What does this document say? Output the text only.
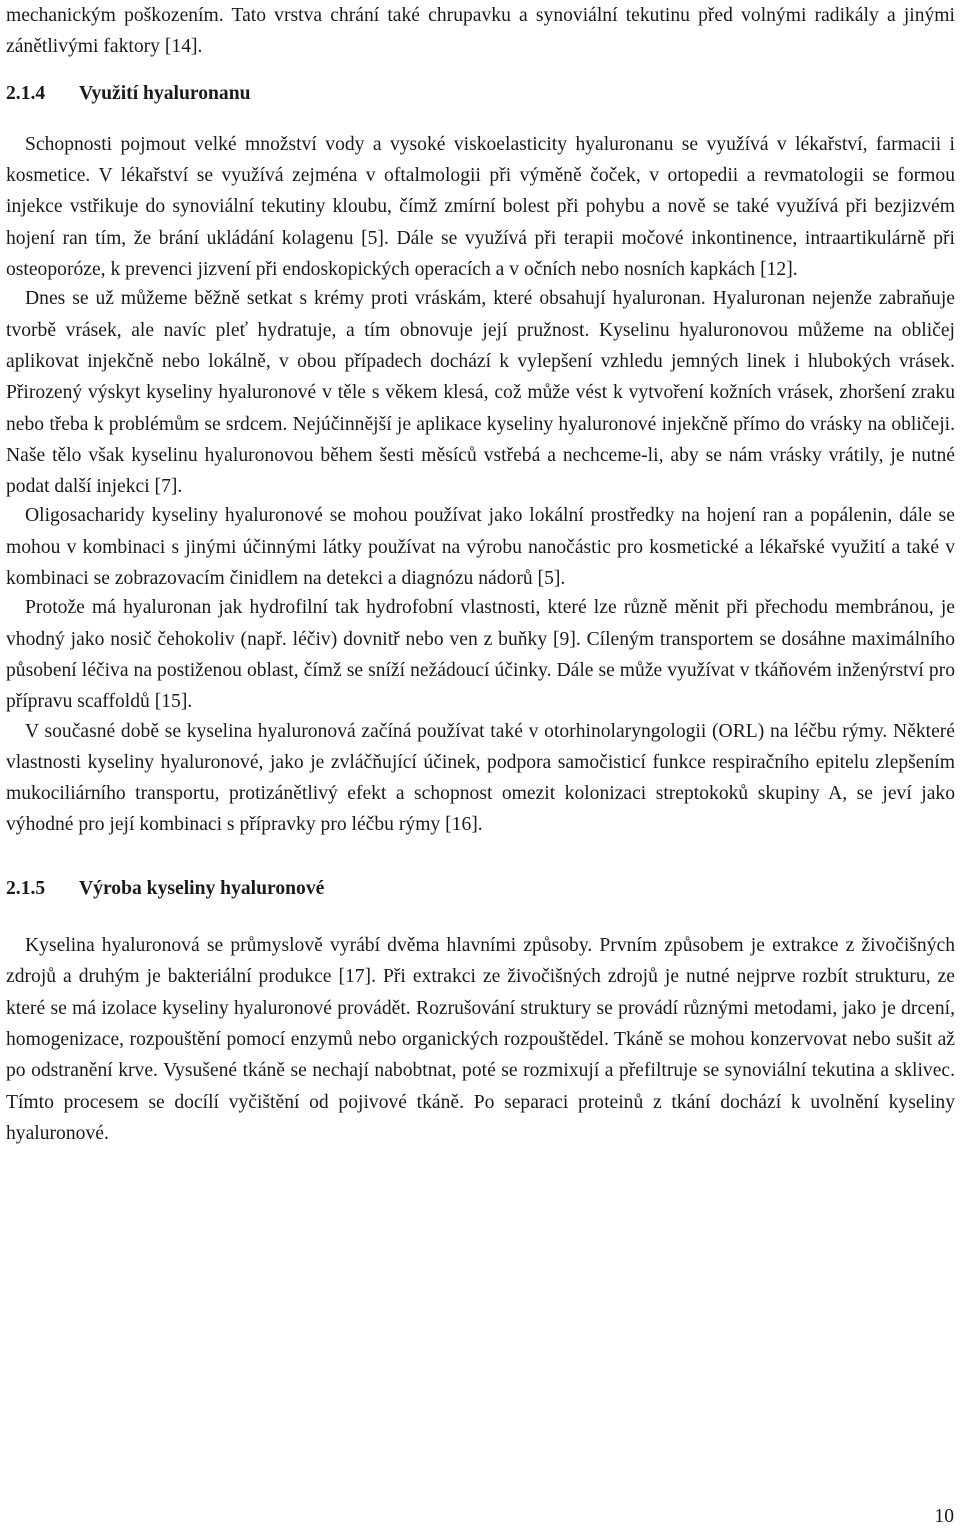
mechanickým poškozením. Tato vrstva chrání také chrupavku a synoviální tekutinu před volnými radikály a jinými zánětlivými faktory [14].

2.1.4 Využití hyaluronanu

Schopnosti pojmout velké množství vody a vysoké viskoelasticity hyaluronanu se využívá v lékařství, farmacii i kosmetice. V lékařství se využívá zejména v oftalmologii při výměně čoček, v ortopedii a revmatologii se formou injekce vstřikuje do synoviální tekutiny kloubu, čímž zmírní bolest při pohybu a nově se také využívá při bezjizvém hojení ran tím, že brání ukládání kolagenu [5]. Dále se využívá při terapii močové inkontinence, intraartikulárně při osteoporóze, k prevenci jizvení při endoskopických operacích a v očních nebo nosních kapkách [12].

Dnes se už můžeme běžně setkat s krémy proti vráskám, které obsahují hyaluronan. Hyaluronan nejenže zabraňuje tvorbě vrásek, ale navíc pleť hydratuje, a tím obnovuje její pružnost. Kyselinu hyaluronovou můžeme na obličej aplikovat injekčně nebo lokálně, v obou případech dochází k vylepšení vzhledu jemných linek i hlubokých vrásek. Přirozený výskyt kyseliny hyaluronové v těle s věkem klesá, což může vést k vytvoření kožních vrásek, zhoršení zraku nebo třeba k problémům se srdcem. Nejúčinnější je aplikace kyseliny hyaluronové injekčně přímo do vrásky na obličeji. Naše tělo však kyselinu hyaluronovou během šesti měsíců vstřebá a nechceme-li, aby se nám vrásky vrátily, je nutné podat další injekci [7].

Oligosacharidy kyseliny hyaluronové se mohou používat jako lokální prostředky na hojení ran a popálenin, dále se mohou v kombinaci s jinými účinnými látky používat na výrobu nanočástic pro kosmetické a lékařské využití a také v kombinaci se zobrazovacím činidlem na detekci a diagnózu nádorů [5].

Protože má hyaluronan jak hydrofilní tak hydrofobní vlastnosti, které lze různě měnit při přechodu membránou, je vhodný jako nosič čehokoliv (např. léčiv) dovnitř nebo ven z buňky [9]. Cíleným transportem se dosáhne maximálního působení léčiva na postiženou oblast, čímž se sníží nežádoucí účinky. Dále se může využívat v tkáňovém inženýrství pro přípravu scaffoldů [15].

V současné době se kyselina hyaluronová začíná používat také v otorhinolaryngologii (ORL) na léčbu rýmy. Některé vlastnosti kyseliny hyaluronové, jako je zvláčňující účinek, podpora samočisticí funkce respiračního epitelu zlepšením mukociliárního transportu, protizánětlivý efekt a schopnost omezit kolonizaci streptokoků skupiny A, se jeví jako výhodné pro její kombinaci s přípravky pro léčbu rýmy [16].

2.1.5 Výroba kyseliny hyaluronové

Kyselina hyaluronová se průmyslově vyrábí dvěma hlavními způsoby. Prvním způsobem je extrakce z živočišných zdrojů a druhým je bakteriální produkce [17]. Při extrakci ze živočišných zdrojů je nutné nejprve rozbít strukturu, ze které se má izolace kyseliny hyaluronové provádět. Rozrušování struktury se provádí různými metodami, jako je drcení, homogenizace, rozpouštění pomocí enzymů nebo organických rozpouštědel. Tkáně se mohou konzervovat nebo sušit až po odstranění krve. Vysušené tkáně se nechají nabobtnat, poté se rozmixují a přefiltruje se synoviální tekutina a sklivec. Tímto procesem se docílí vyčištění od pojivové tkáně. Po separaci proteinů z tkání dochází k uvolnění kyseliny hyaluronové.

10
